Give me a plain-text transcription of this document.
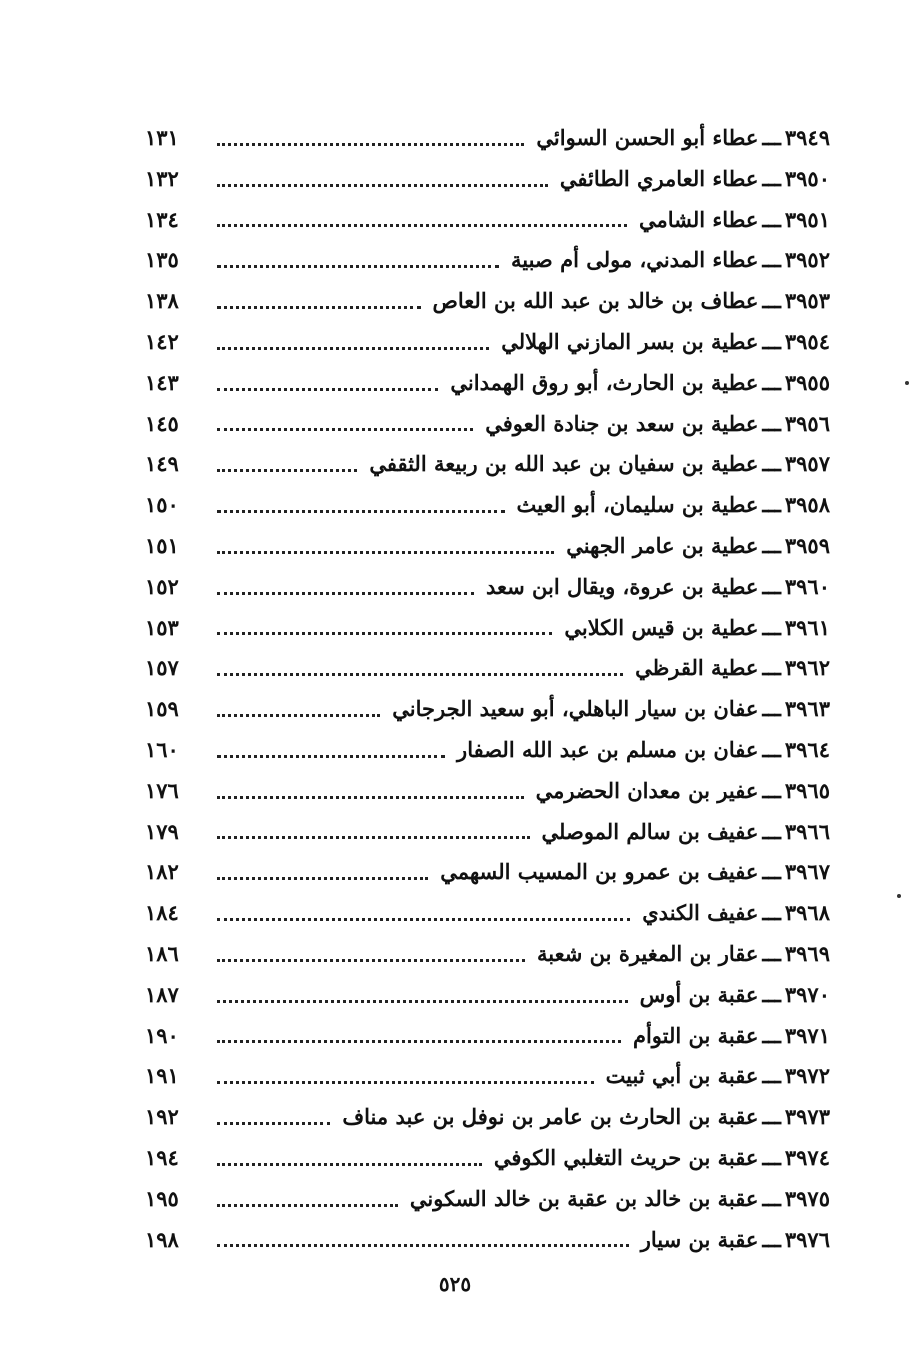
٣٩٤٩
ـــ
عطاء أبو الحسن السوائي
١٣١
٣٩٥٠
ـــ
عطاء العامري الطائفي
١٣٢
٣٩٥١
ـــ
عطاء الشامي
١٣٤
٣٩٥٢
ـــ
عطاء المدني، مولى أم صبية
١٣٥
٣٩٥٣
ـــ
عطاف بن خالد بن عبد الله بن العاص
١٣٨
٣٩٥٤
ـــ
عطية بن بسر المازني الهلالي
١٤٢
٣٩٥٥
ـــ
عطية بن الحارث، أبو روق الهمداني
١٤٣
٣٩٥٦
ـــ
عطية بن سعد بن جنادة العوفي
١٤٥
٣٩٥٧
ـــ
عطية بن سفيان بن عبد الله بن ربيعة الثقفي
١٤٩
٣٩٥٨
ـــ
عطية بن سليمان، أبو العيث
١٥٠
٣٩٥٩
ـــ
عطية بن عامر الجهني
١٥١
٣٩٦٠
ـــ
عطية بن عروة، ويقال ابن سعد
١٥٢
٣٩٦١
ـــ
عطية بن قيس الكلابي
١٥٣
٣٩٦٢
ـــ
عطية القرظي
١٥٧
٣٩٦٣
ـــ
عفان بن سيار الباهلي، أبو سعيد الجرجاني
١٥٩
٣٩٦٤
ـــ
عفان بن مسلم بن عبد الله الصفار
١٦٠
٣٩٦٥
ـــ
عفير بن معدان الحضرمي
١٧٦
٣٩٦٦
ـــ
عفيف بن سالم الموصلي
١٧٩
٣٩٦٧
ـــ
عفيف بن عمرو بن المسيب السهمي
١٨٢
٣٩٦٨
ـــ
عفيف الكندي
١٨٤
٣٩٦٩
ـــ
عقار بن المغيرة بن شعبة
١٨٦
٣٩٧٠
ـــ
عقبة بن أوس
١٨٧
٣٩٧١
ـــ
عقبة بن التوأم
١٩٠
٣٩٧٢
ـــ
عقبة بن أبي ثبيت
١٩١
٣٩٧٣
ـــ
عقبة بن الحارث بن عامر بن نوفل بن عبد مناف
١٩٢
٣٩٧٤
ـــ
عقبة بن حريث التغلبي الكوفي
١٩٤
٣٩٧٥
ـــ
عقبة بن خالد بن عقبة بن خالد السكوني
١٩٥
٣٩٧٦
ـــ
عقبة بن سيار
١٩٨
٥٢٥
